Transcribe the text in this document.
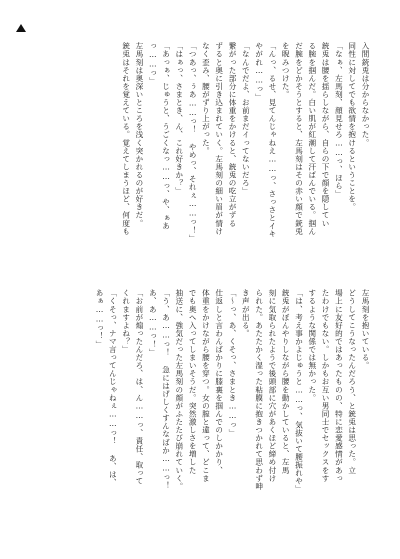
入間銃兎は分からなかった。

同性に対してでも欲情を抱けるということを。

「なぁ、左馬刻、顔見せろ……っ、ほら」

銃兎は腰を揺らしながら、自らの下で顔を隠してい

る腕を掴んだ。白い肌が紅潮して汗ばんでいる。掴ん

だ腕をどかそうとすると、左馬刻はその赤い顔で銃兎

を睨みつけた。

「んっ、るせ、見てんじゃねえ……っ、さっさとイキ

やがれ……っ」

「なんでだよ、お前まだイってないだろ」

繋がった部分に体重をかけると、銃兎の吃立がずる

ずると奥に引き込まれていく。左馬刻の細い眉が情け

なく歪み、腰がずり上がった。

「つあっ、ぅあ……っ！ やめっ、それぇ……っ！」

「はぁっ、さまとき、ん、これ好きか？」

「あっぁ、じゅうと、うごくなっ……っ、や、ぁあ

っ……っ」

左馬刻は奥深いところを浅く突かれるのが好きだ。

銃兎はそれを覚えている。覚えてしまうほど、何度も

左馬刻を抱いている。

どうしてこうなったんだろう、と銃兎は思った。立

場上に友好的ではあったものの、特に恋愛感情があっ

たわけでもない。しかもお互い男同士でセックスをす

するような関係では無かった。

「は、考え事かよじゅうと……っ、気抜いて腰振れや」

銃兎がぼんやりしながら腰を動かしていると、左馬

刻に気取られたようで後頭部に穴があくほど締め付け

られた。あたたかく湿った粘膜に抱きつかれて思わず呻

き声が出る。

「～っ、あ、くそっ、さまとき……っ」

仕返しと言わんばかりに膝裏を掴んでのしかかり、

体重をかけながら腰を穿つ。女の膣と違って、どこま

でも奥へ入ってしまいそうだ。突然激しさを増した

抽送に、強気だった左馬刻の顔がふたたび崩れていく。

「う、あ……っ！ 急にはげしくすんなばか……っ！

あ、あ……っ！」

「お前が煽ったんだろ、は、ん……っ、責任、取って

くれますよね？」

「くそっ、ナマ言ってんじゃねぇ……っ！ あ、は、

あぁ……っ！」
